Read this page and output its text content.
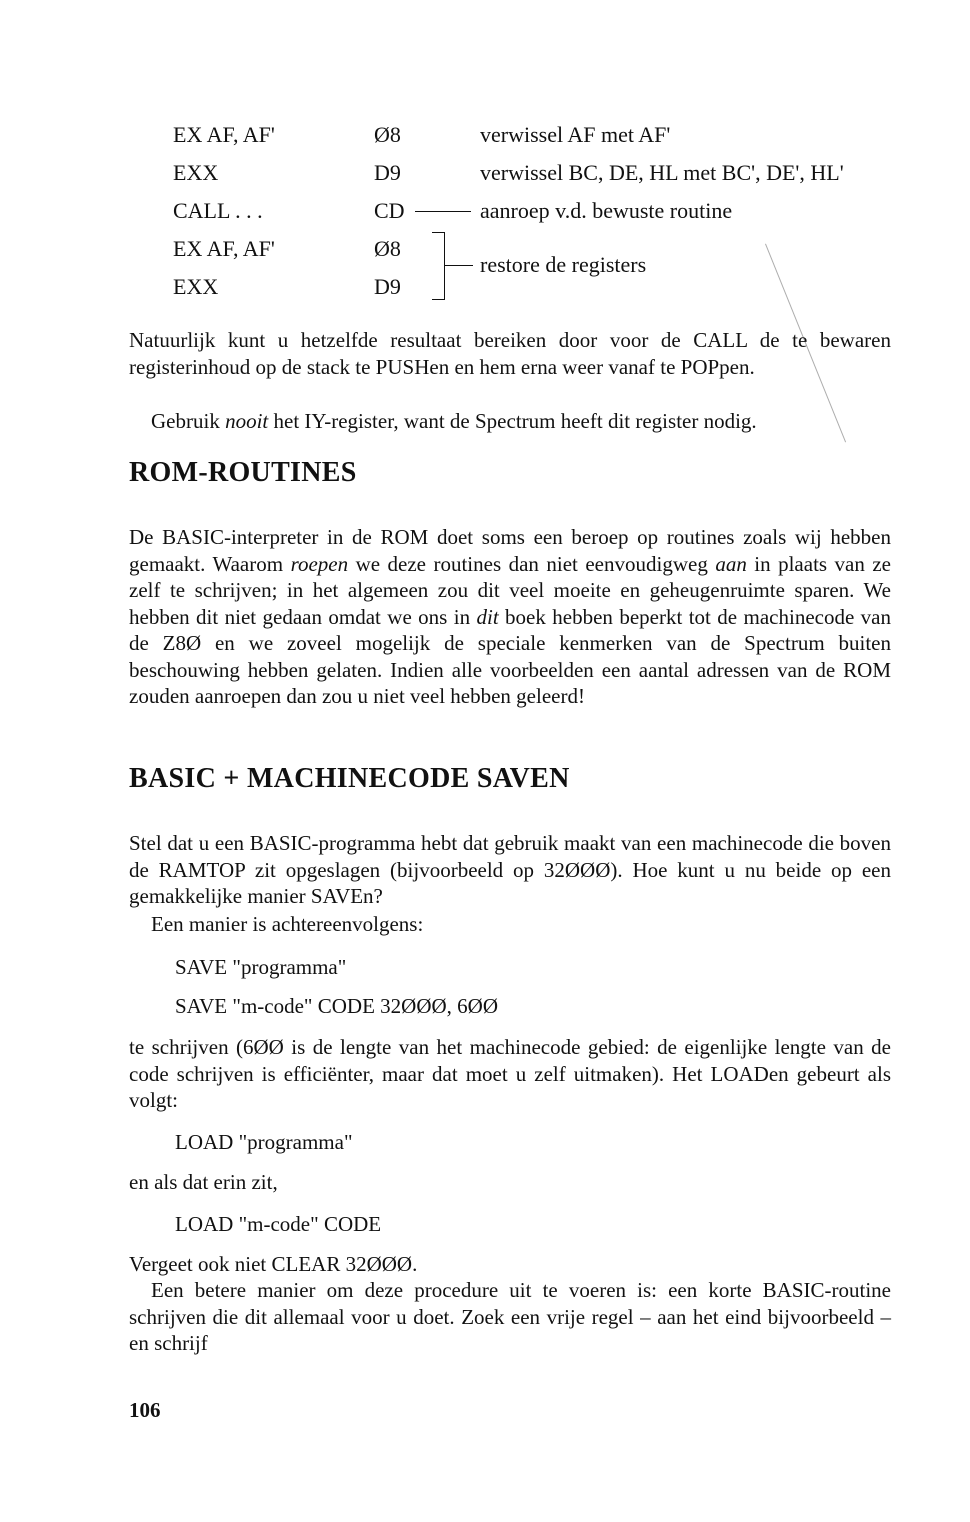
EX AF, AF'	Ø8	verwissel AF met AF'
EXX	D9	verwissel BC, DE, HL met BC', DE', HL'
CALL . . .	CD	aanroep v.d. bewuste routine
EX AF, AF'	Ø8
EXX	D9
restore de registers

Natuurlijk kunt u hetzelfde resultaat bereiken door voor de CALL de te bewaren registerinhoud op de stack te PUSHen en hem erna weer vanaf te POPpen.

Gebruik nooit het IY-register, want de Spectrum heeft dit register nodig.

ROM-ROUTINES

De BASIC-interpreter in de ROM doet soms een beroep op routines zoals wij hebben gemaakt. Waarom roepen we deze routines dan niet eenvoudigweg aan in plaats van ze zelf te schrijven; in het algemeen zou dit veel moeite en geheugenruimte sparen. We hebben dit niet gedaan omdat we ons in dit boek hebben beperkt tot de machinecode van de Z8Ø en we zoveel mogelijk de speciale kenmerken van de Spectrum buiten beschouwing hebben gelaten. Indien alle voorbeelden een aantal adressen van de ROM zouden aanroepen dan zou u niet veel hebben geleerd!

BASIC + MACHINECODE SAVEN

Stel dat u een BASIC-programma hebt dat gebruik maakt van een machinecode die boven de RAMTOP zit opgeslagen (bijvoorbeeld op 32ØØØ). Hoe kunt u nu beide op een gemakkelijke manier SAVEn?

Een manier is achtereenvolgens:

SAVE "programma"

SAVE "m-code" CODE 32ØØØ, 6ØØ

te schrijven (6ØØ is de lengte van het machinecode gebied: de eigenlijke lengte van de code schrijven is efficiënter, maar dat moet u zelf uitmaken). Het LOADen gebeurt als volgt:

LOAD "programma"

en als dat erin zit,

LOAD "m-code" CODE

Vergeet ook niet CLEAR 32ØØØ.

Een betere manier om deze procedure uit te voeren is: een korte BASIC-routine schrijven die dit allemaal voor u doet. Zoek een vrije regel – aan het eind bijvoorbeeld – en schrijf

106
